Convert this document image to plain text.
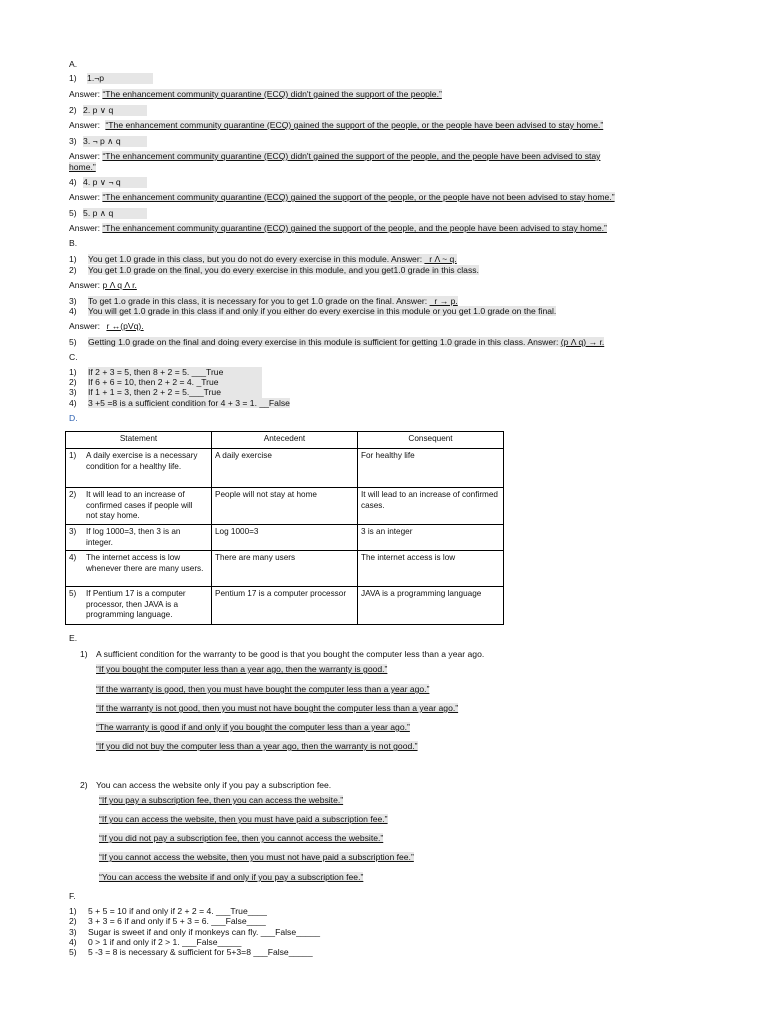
A.
1) 1.¬p
Answer: “The enhancement community quarantine (ECQ) didn't gained the support of the people.”
2) 2. p ∨ q
Answer: “The enhancement community quarantine (ECQ) gained the support of the people, or the people have been advised to stay home.”
3) 3. ¬ p ∧ q
Answer: “The enhancement community quarantine (ECQ) didn't gained the support of the people, and the people have been advised to stay
home.”
4) 4. p ∨ ¬ q
Answer: “The enhancement community quarantine (ECQ) gained the support of the people, or the people have not been advised to stay home.”
5) 5. p ∧ q
Answer: “The enhancement community quarantine (ECQ) gained the support of the people, and the people have been advised to stay home.”
B.
1) You get 1.0 grade in this class, but you do not do every exercise in this module. Answer: _r Λ ~ q.
2) You get 1.0 grade on the final, you do every exercise in this module, and you get1.0 grade in this class.
Answer: p Λ q Λ r.
3) To get 1.o grade in this class, it is necessary for you to get 1.0 grade on the final. Answer: _r → p.
4) You will get 1.0 grade in this class if and only if you either do every exercise in this module or you get 1.0 grade on the final.
Answer: r ↔(pVq).
5) Getting 1.0 grade on the final and doing every exercise in this module is sufficient for getting 1.0 grade in this class. Answer: (p Λ q) → r.
C.
1) If 2 + 3 = 5, then 8 + 2 = 5. ___True
2) If 6 + 6 = 10, then 2 + 2 = 4. _True
3) If 1 + 1 = 3, then 2 + 2 = 5.___True
4) 3 +5 =8 is a sufficient condition for 4 + 3 = 1. __False
D.
Statement	Antecedent	Consequent
1) A daily exercise is a necessary condition for a healthy life.	A daily exercise	For healthy life
2) It will lead to an increase of confirmed cases if people will not stay home.	People will not stay at home	It will lead to an increase of confirmed cases.
3) If log 1000=3, then 3 is an integer.	Log 1000=3	3 is an integer
4) The internet access is low whenever there are many users.	There are many users	The internet access is low
5) If Pentium 17 is a computer processor, then JAVA is a programming language.	Pentium 17 is a computer processor	JAVA is a programming language
E.
1) A sufficient condition for the warranty to be good is that you bought the computer less than a year ago.
“If you bought the computer less than a year ago, then the warranty is good.”
“If the warranty is good, then you must have bought the computer less than a year ago.”
“If the warranty is not good, then you must not have bought the computer less than a year ago.”
“The warranty is good if and only if you bought the computer less than a year ago.”
“If you did not buy the computer less than a year ago, then the warranty is not good.”
2) You can access the website only if you pay a subscription fee.
“If you pay a subscription fee, then you can access the website.”
“If you can access the website, then you must have paid a subscription fee.”
“If you did not pay a subscription fee, then you cannot access the website.”
“If you cannot access the website, then you must not have paid a subscription fee.”
“You can access the website if and only if you pay a subscription fee.”
F.
1) 5 + 5 = 10 if and only if 2 + 2 = 4. ___True____
2) 3 + 3 = 6 if and only if 5 + 3 = 6. ___False____
3) Sugar is sweet if and only if monkeys can fly. ___False_____
4) 0 > 1 if and only if 2 > 1. ___False_____
5) 5 -3 = 8 is necessary & sufficient for 5+3=8 ___False_____
